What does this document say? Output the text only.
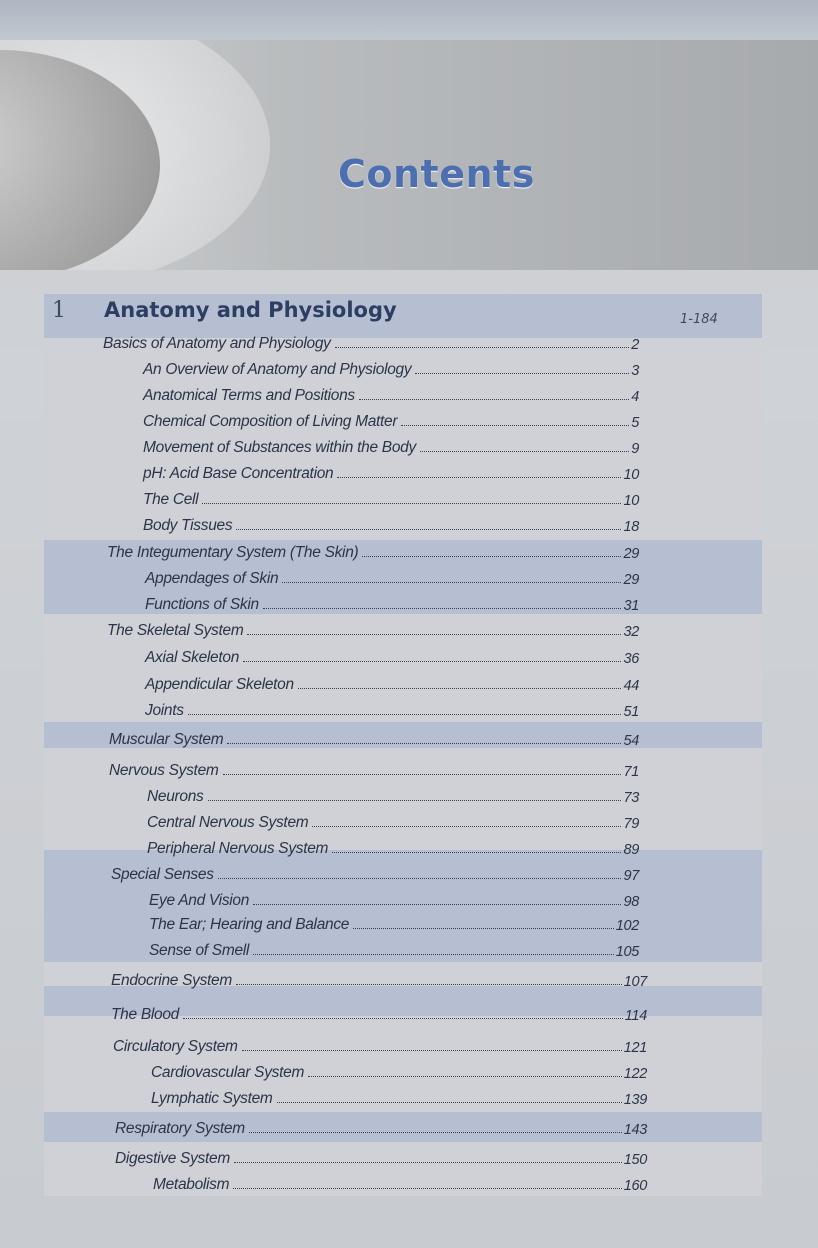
Contents
1 Anatomy and Physiology	1-184
Basics of Anatomy and Physiology	2
An Overview of Anatomy and Physiology	3
Anatomical Terms and Positions	4
Chemical Composition of Living Matter	5
Movement of Substances within the Body	9
pH: Acid Base Concentration	10
The Cell	10
Body Tissues	18
The Integumentary System (The Skin)	29
Appendages of Skin	29
Functions of Skin	31
The Skeletal System	32
Axial Skeleton	36
Appendicular Skeleton	44
Joints	51
Muscular System	54
Nervous System	71
Neurons	73
Central Nervous System	79
Peripheral Nervous System	89
Special Senses	97
Eye And Vision	98
The Ear; Hearing and Balance	102
Sense of Smell	105
Endocrine System	107
The Blood	114
Circulatory System	121
Cardiovascular System	122
Lymphatic System	139
Respiratory System	143
Digestive System	150
Metabolism	160
